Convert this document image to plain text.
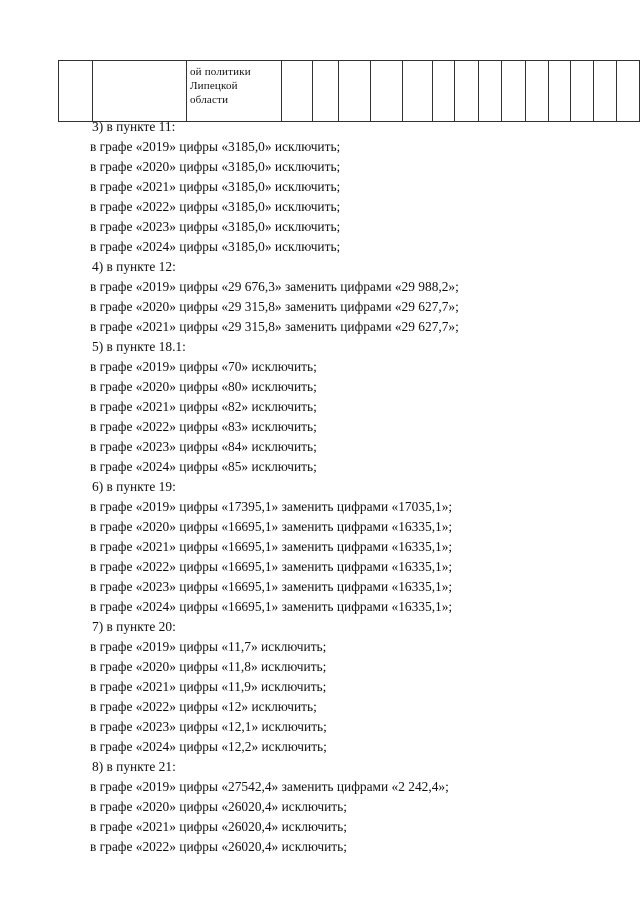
ой политики
Липецкой
области

3) в пункте 11:
в графе «2019» цифры «3185,0» исключить;
в графе «2020» цифры «3185,0» исключить;
в графе «2021» цифры «3185,0» исключить;
в графе «2022» цифры «3185,0» исключить;
в графе «2023» цифры «3185,0» исключить;
в графе «2024» цифры «3185,0» исключить;
4) в пункте 12:
в графе «2019» цифры «29 676,3» заменить цифрами «29 988,2»;
в графе «2020» цифры «29 315,8» заменить цифрами «29 627,7»;
в графе «2021» цифры «29 315,8» заменить цифрами «29 627,7»;
5) в пункте 18.1:
в графе «2019» цифры «70» исключить;
в графе «2020» цифры «80» исключить;
в графе «2021» цифры «82» исключить;
в графе «2022» цифры «83» исключить;
в графе «2023» цифры «84» исключить;
в графе «2024» цифры «85» исключить;
6) в пункте 19:
в графе «2019» цифры «17395,1» заменить цифрами «17035,1»;
в графе «2020» цифры «16695,1» заменить цифрами «16335,1»;
в графе «2021» цифры «16695,1» заменить цифрами «16335,1»;
в графе «2022» цифры «16695,1» заменить цифрами «16335,1»;
в графе «2023» цифры «16695,1» заменить цифрами «16335,1»;
в графе «2024» цифры «16695,1» заменить цифрами «16335,1»;
7) в пункте 20:
в графе «2019» цифры «11,7» исключить;
в графе «2020» цифры «11,8» исключить;
в графе «2021» цифры «11,9» исключить;
в графе «2022» цифры «12» исключить;
в графе «2023» цифры «12,1» исключить;
в графе «2024» цифры «12,2» исключить;
8) в пункте 21:
в графе «2019» цифры «27542,4» заменить цифрами «2 242,4»;
в графе «2020» цифры «26020,4» исключить;
в графе «2021» цифры «26020,4» исключить;
в графе «2022» цифры «26020,4» исключить;
